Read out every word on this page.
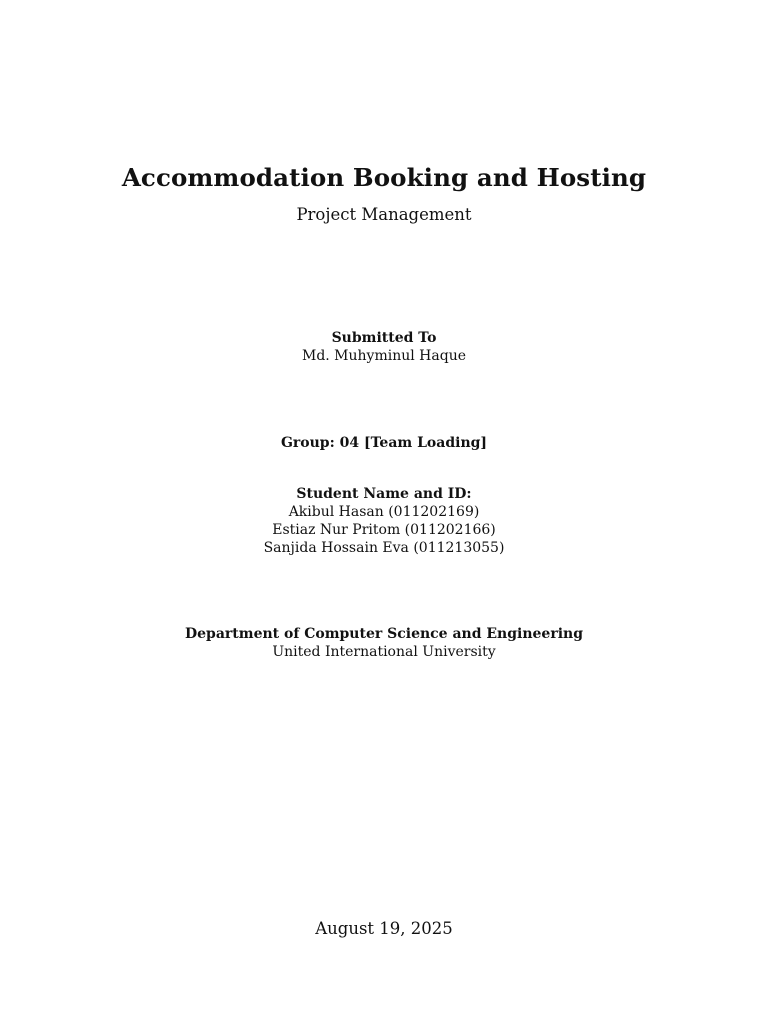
Accommodation Booking and Hosting
Project Management
Submitted To
Md. Muhyminul Haque
Group: 04 [Team Loading]
Student Name and ID:
Akibul Hasan (011202169)
Estiaz Nur Pritom (011202166)
Sanjida Hossain Eva (011213055)
Department of Computer Science and Engineering
United International University
August 19, 2025
